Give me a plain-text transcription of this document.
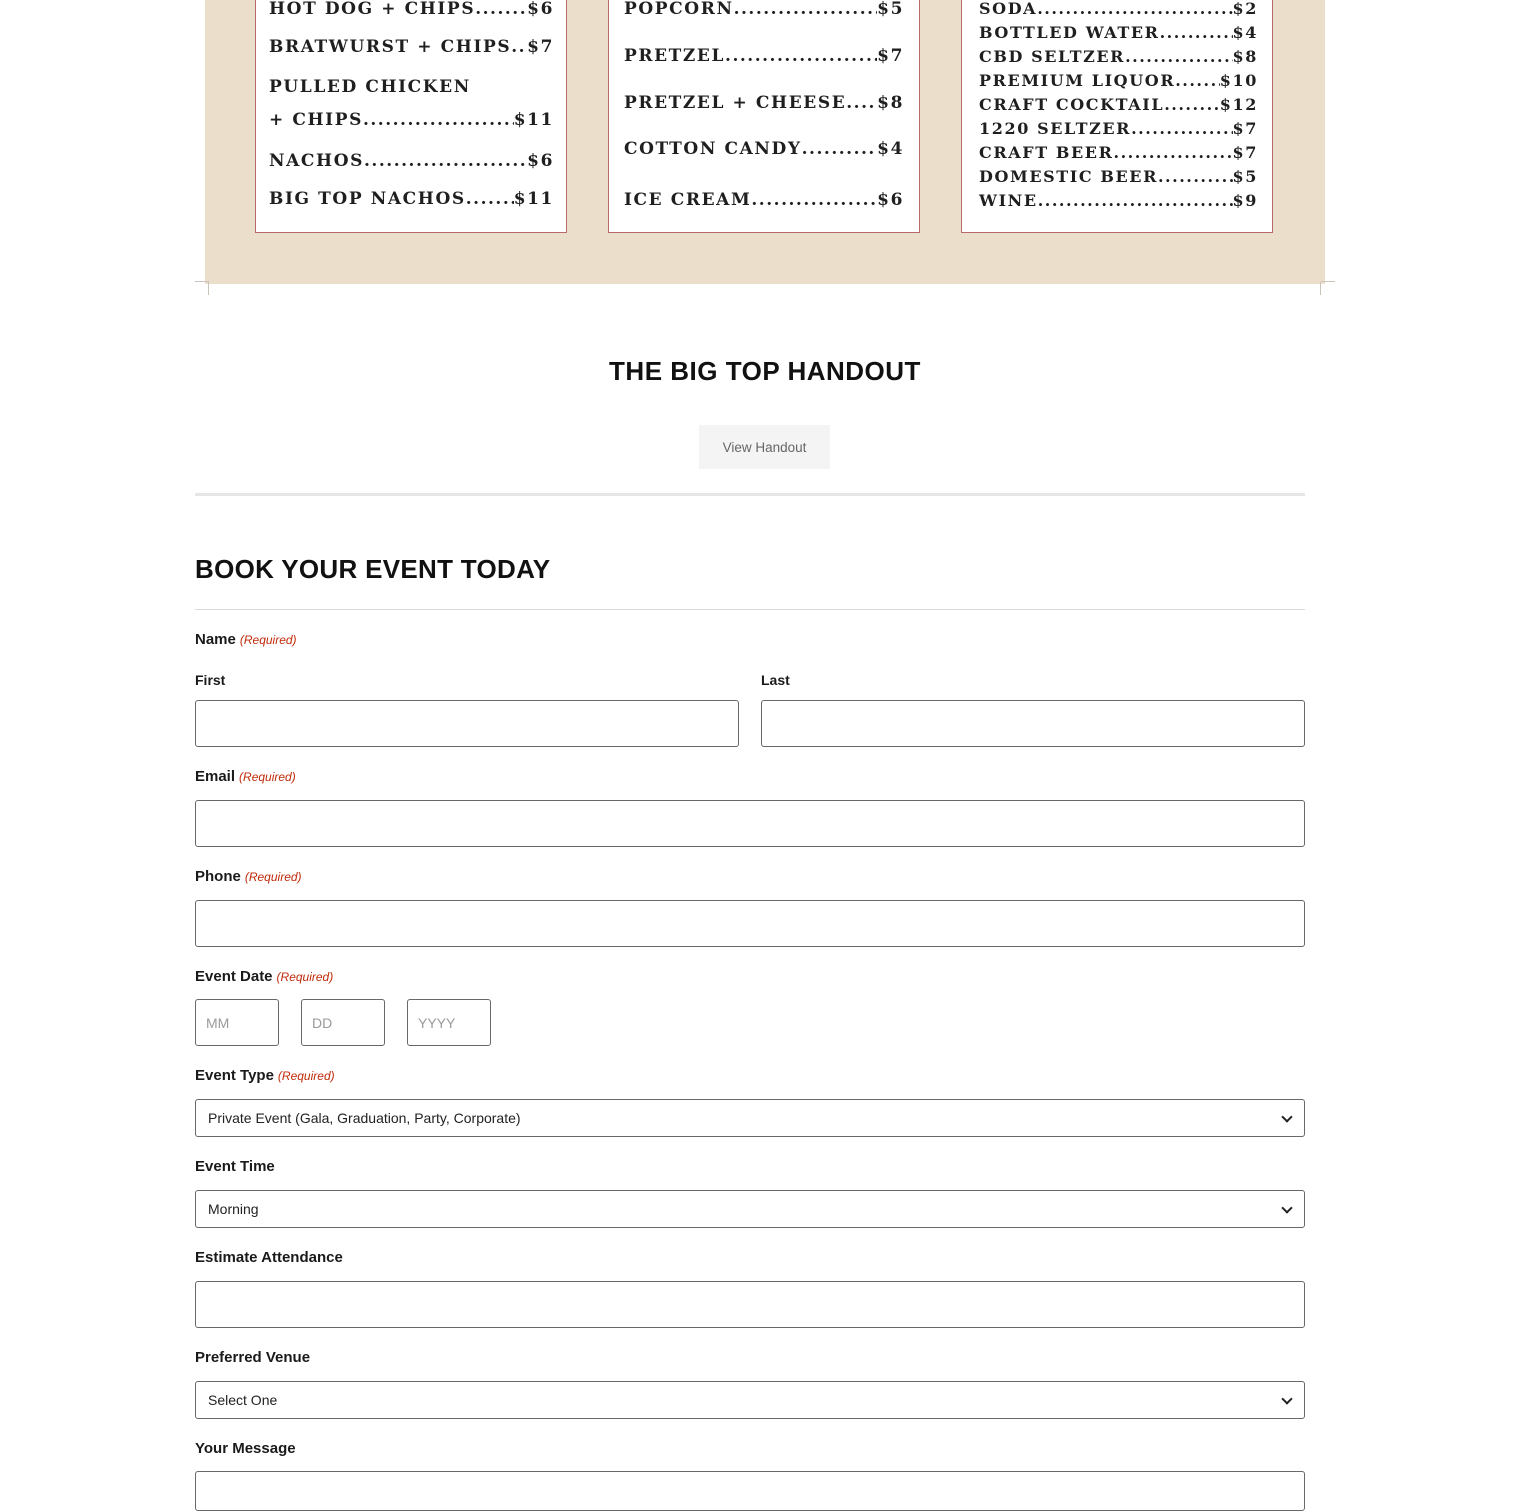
HOT DOG + CHIPS .....	$6
BRATWURST + CHIPS ..... $7
PULLED CHICKEN
+ CHIPS .....	$11
NACHOS .....	$6
BIG TOP NACHOS .....	$11
POPCORN .....	$5
PRETZEL .....	$7
PRETZEL + CHEESE ..... $8
COTTON CANDY .....	$4
ICE CREAM .....	$6
SODA .....	$2
BOTTLED WATER .....	$4
CBD SELTZER .....	$8
PREMIUM LIQUOR .....	$10
CRAFT COCKTAIL .....	$12
1220 SELTZER .....	$7
CRAFT BEER .....	$7
DOMESTIC BEER .....	$5
WINE .....	$9
THE BIG TOP HANDOUT
View Handout
BOOK YOUR EVENT TODAY
Name (Required)
First	Last
Email (Required)
Phone (Required)
Event Date (Required)
MM
DD
YYYY
Event Type (Required)
Private Event (Gala, Graduation, Party, Corporate)
Event Time
Morning
Estimate Attendance
Preferred Venue
Select One
Your Message
